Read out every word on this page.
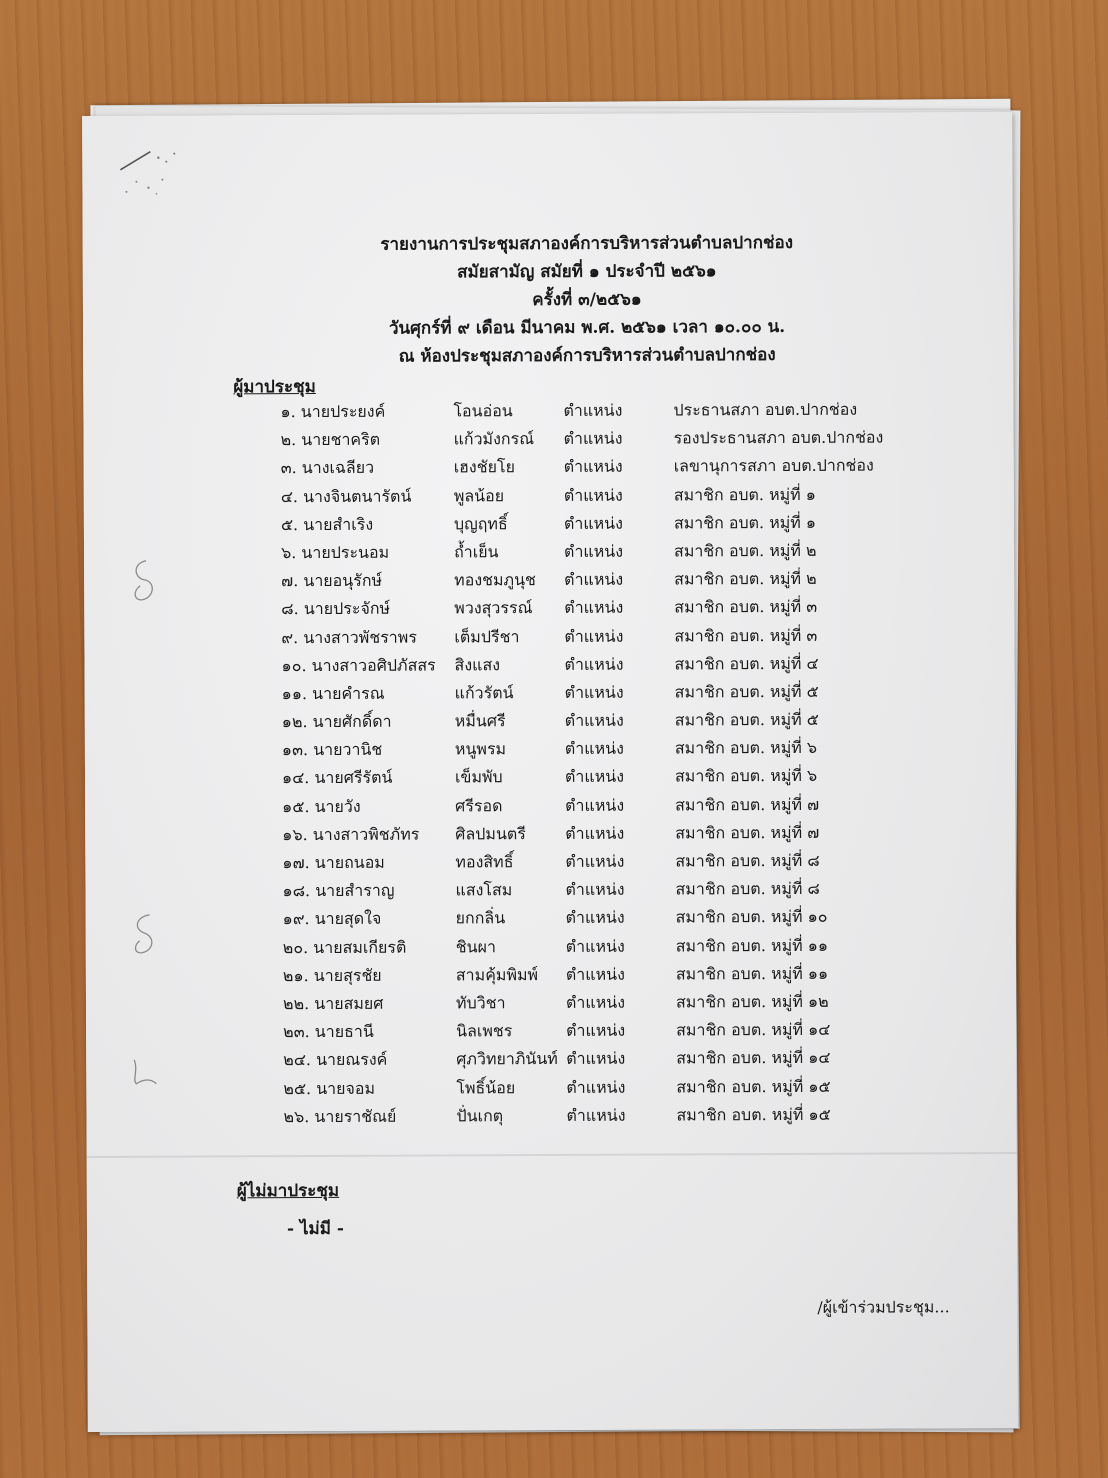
รายงานการประชุมสภาองค์การบริหารส่วนตำบลปากช่อง
สมัยสามัญ สมัยที่ ๑ ประจำปี ๒๕๖๑
ครั้งที่ ๓/๒๕๖๑
วันศุกร์ที่ ๙ เดือน มีนาคม พ.ศ. ๒๕๖๑ เวลา ๑๐.๐๐ น.
ณ ห้องประชุมสภาองค์การบริหารส่วนตำบลปากช่อง
ผู้มาประชุม
๑. นายประยงค์	โอนอ่อน	ตำแหน่ง	ประธานสภา อบต.ปากช่อง
๒. นายชาคริต	แก้วมังกรณ์ ตำแหน่ง	รองประธานสภา อบต.ปากช่อง
๓. นางเฉลียว	เฮงชัยโย	ตำแหน่ง	เลขานุการสภา อบต.ปากช่อง
๔. นางจินตนารัตน์	พูลน้อย	ตำแหน่ง	สมาชิก อบต. หมู่ที่ ๑
๕. นายสำเริง	บุญฤทธิ์	ตำแหน่ง	สมาชิก อบต. หมู่ที่ ๑
๖. นายประนอม	ถ้ำเย็น	ตำแหน่ง	สมาชิก อบต. หมู่ที่ ๒
๗. นายอนุรักษ์	ทองชมภูนุช ตำแหน่ง	สมาชิก อบต. หมู่ที่ ๒
๘. นายประจักษ์	พวงสุวรรณ์ ตำแหน่ง	สมาชิก อบต. หมู่ที่ ๓
๙. นางสาวพัชราพร เต็มปรีชา	ตำแหน่ง	สมาชิก อบต. หมู่ที่ ๓
๑๐. นางสาวอศิปภัสสร สิงแสง	ตำแหน่ง	สมาชิก อบต. หมู่ที่ ๔
๑๑. นายคำรณ	แก้วรัตน์	ตำแหน่ง	สมาชิก อบต. หมู่ที่ ๕
๑๒. นายศักดิ์ดา	หมื่นศรี	ตำแหน่ง	สมาชิก อบต. หมู่ที่ ๕
๑๓. นายวานิช	หนูพรม	ตำแหน่ง	สมาชิก อบต. หมู่ที่ ๖
๑๔. นายศรีรัตน์	เข็มพับ	ตำแหน่ง	สมาชิก อบต. หมู่ที่ ๖
๑๕. นายวัง	ศรีรอด	ตำแหน่ง	สมาชิก อบต. หมู่ที่ ๗
๑๖. นางสาวพิชภัทร ศิลปมนตรี ตำแหน่ง	สมาชิก อบต. หมู่ที่ ๗
๑๗. นายถนอม	ทองสิทธิ์	ตำแหน่ง	สมาชิก อบต. หมู่ที่ ๘
๑๘. นายสำราญ	แสงโสม	ตำแหน่ง	สมาชิก อบต. หมู่ที่ ๘
๑๙. นายสุดใจ	ยกกลิ่น	ตำแหน่ง	สมาชิก อบต. หมู่ที่ ๑๐
๒๐. นายสมเกียรติ	ชินผา	ตำแหน่ง	สมาชิก อบต. หมู่ที่ ๑๑
๒๑. นายสุรชัย	สามคุ้มพิมพ์ ตำแหน่ง	สมาชิก อบต. หมู่ที่ ๑๑
๒๒. นายสมยศ	ทับวิชา	ตำแหน่ง	สมาชิก อบต. หมู่ที่ ๑๒
๒๓. นายธานี	นิลเพชร	ตำแหน่ง	สมาชิก อบต. หมู่ที่ ๑๔
๒๔. นายณรงค์	ศุภวิทยาภินันท์ ตำแหน่ง	สมาชิก อบต. หมู่ที่ ๑๔
๒๕. นายจอม	โพธิ์น้อย	ตำแหน่ง	สมาชิก อบต. หมู่ที่ ๑๕
๒๖. นายราชัณย์	ปั่นเกตุ	ตำแหน่ง	สมาชิก อบต. หมู่ที่ ๑๕
ผู้ไม่มาประชุม
- ไม่มี -
/ผู้เข้าร่วมประชุม...
